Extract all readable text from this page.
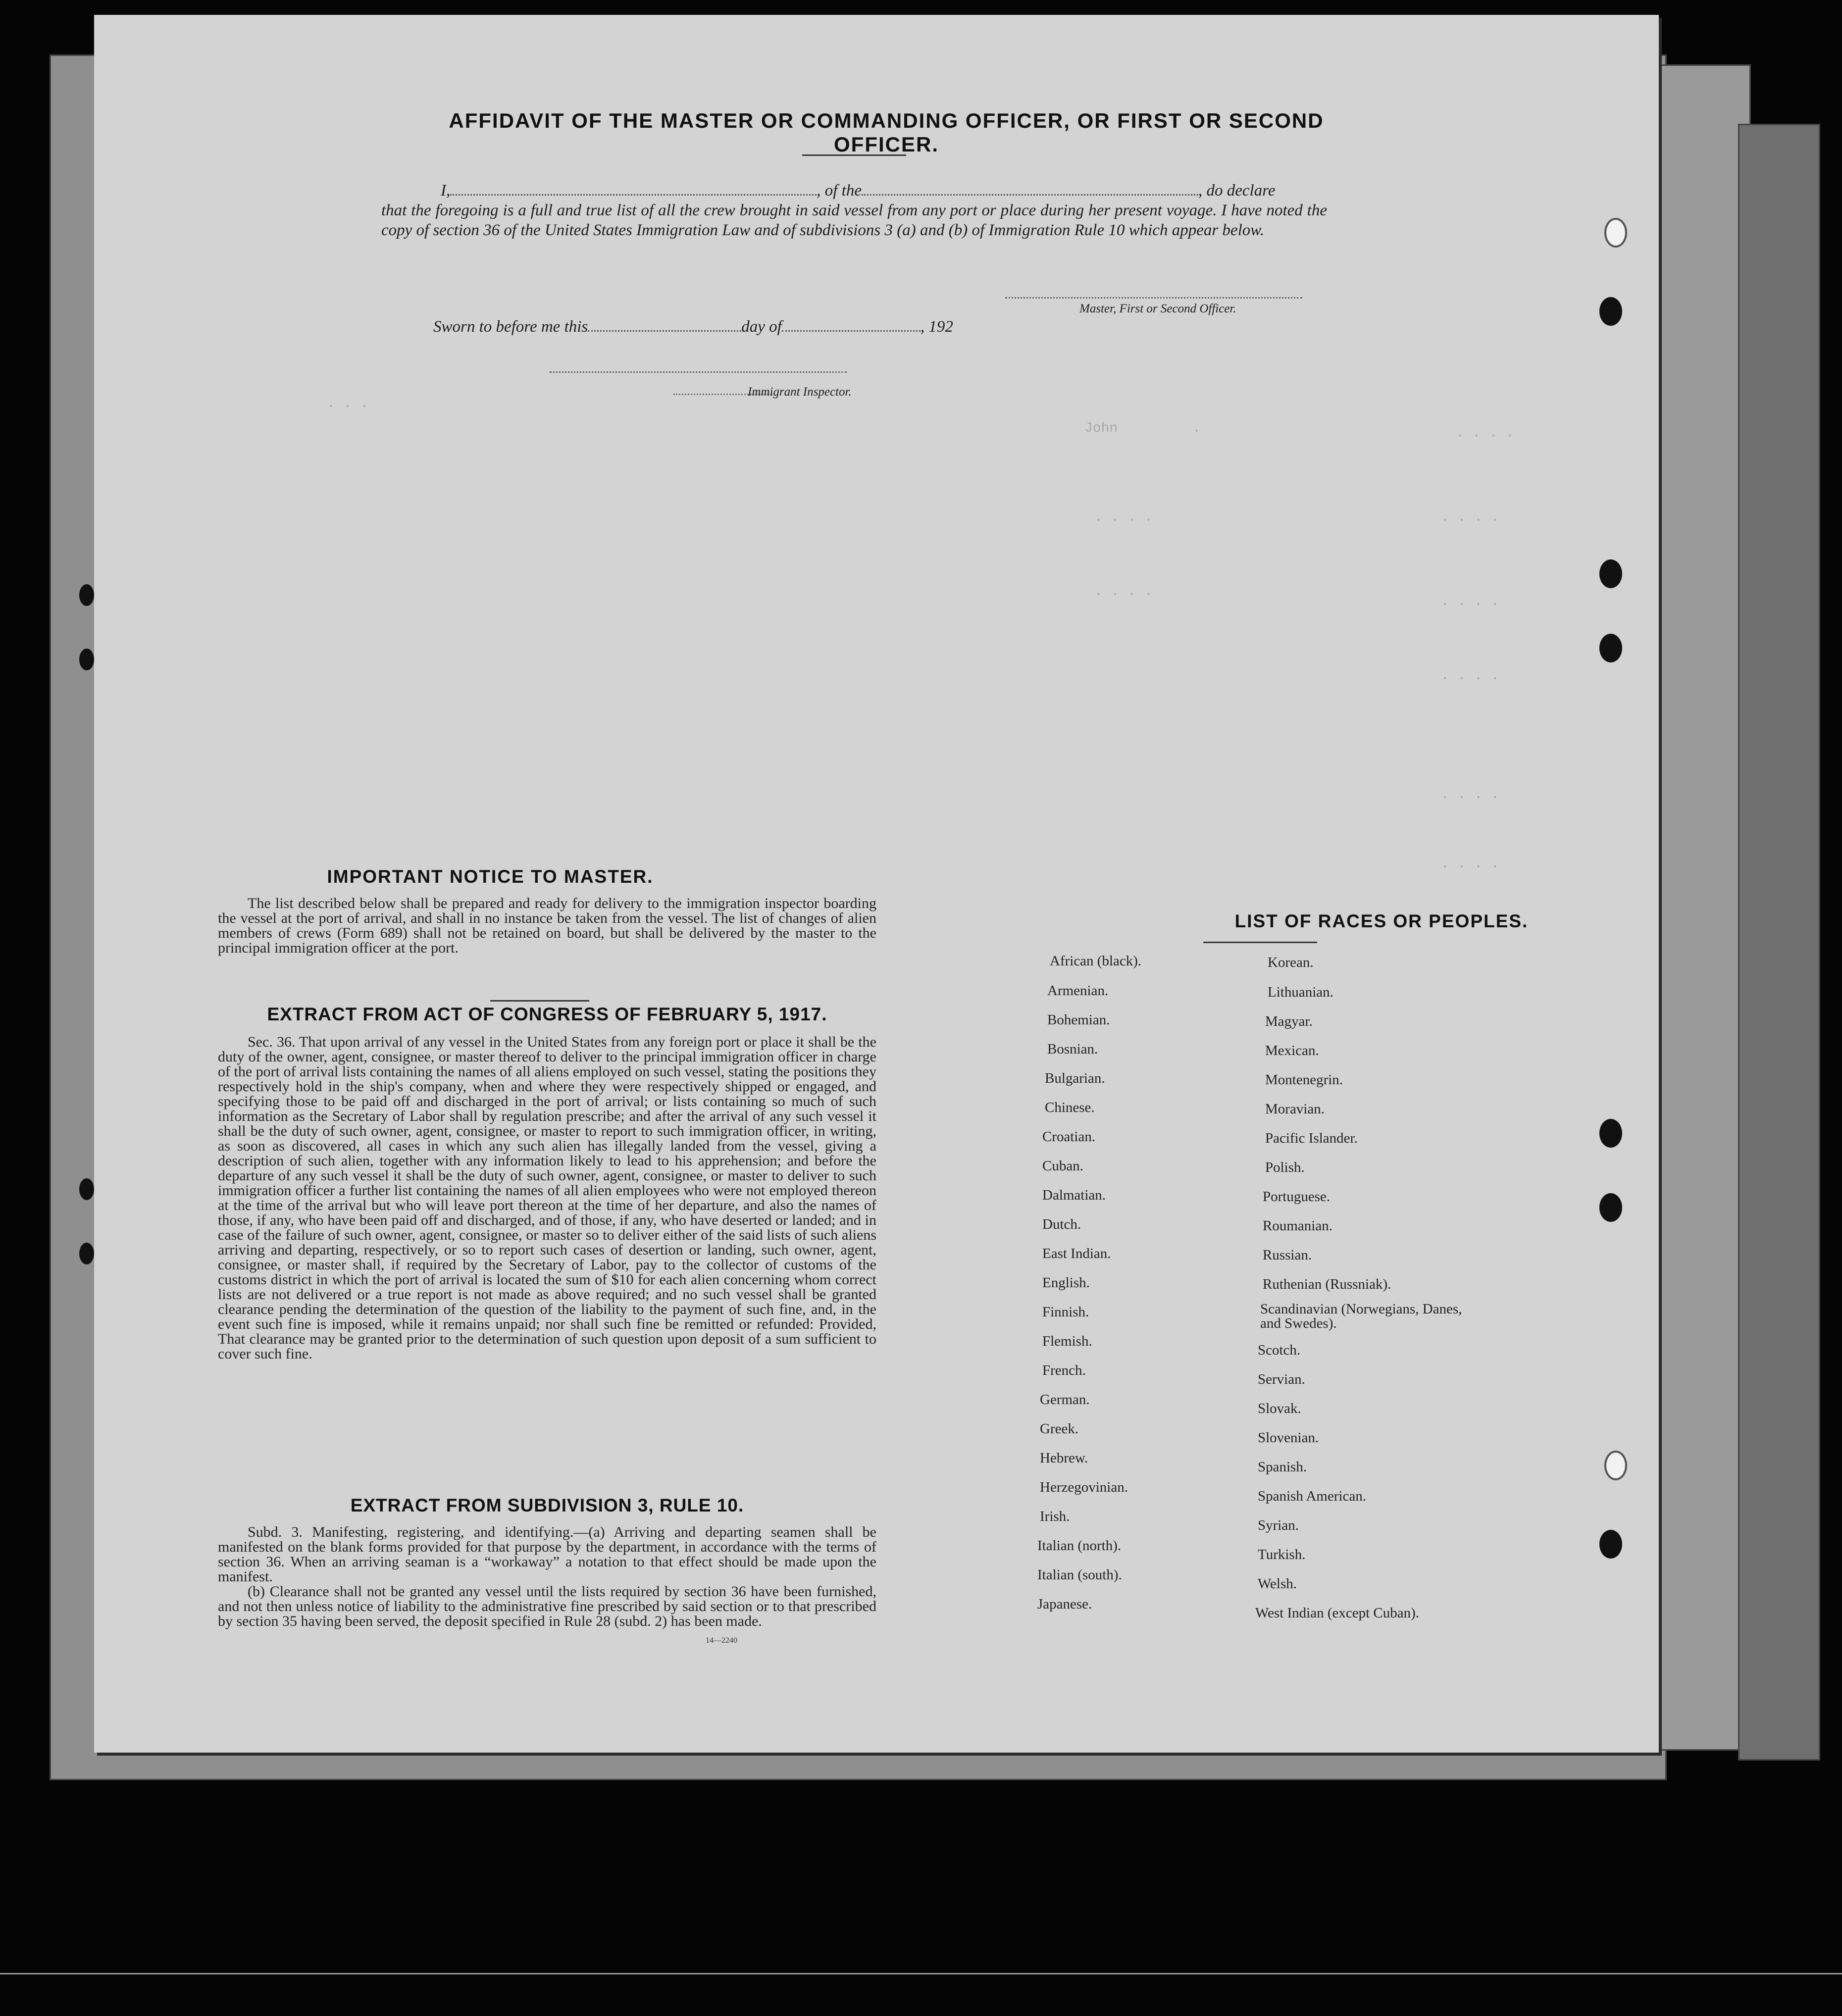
. . .
John         .	. . . .
. . . .	. . . .
. . . .
. . . .
. . . .
. . . .
. . . .
AFFIDAVIT OF THE MASTER OR COMMANDING OFFICER, OR FIRST OR SECOND OFFICER.
I,	, of the	, do declare
that the foregoing is a full and true list of all the crew brought in said vessel from any port or place during her present voyage. I have noted the copy of section 36 of the United States Immigration Law and of subdivisions 3 (a) and (b) of Immigration Rule 10 which appear below.
Master, First or Second Officer.
Sworn to before me this	day of	, 192
Immigrant Inspector.
IMPORTANT NOTICE TO MASTER.
The list described below shall be prepared and ready for delivery to the immigration inspector boarding the vessel at the port of arrival, and shall in no instance be taken from the vessel. The list of changes of alien members of crews (Form 689) shall not be retained on board, but shall be delivered by the master to the principal immigration officer at the port.
EXTRACT FROM ACT OF CONGRESS OF FEBRUARY 5, 1917.
Sec. 36. That upon arrival of any vessel in the United States from any foreign port or place it shall be the duty of the owner, agent, consignee, or master thereof to deliver to the principal immigration officer in charge of the port of arrival lists containing the names of all aliens employed on such vessel, stating the positions they respectively hold in the ship's company, when and where they were respectively shipped or engaged, and specifying those to be paid off and discharged in the port of arrival; or lists containing so much of such information as the Secretary of Labor shall by regulation prescribe; and after the arrival of any such vessel it shall be the duty of such owner, agent, consignee, or master to report to such immigration officer, in writing, as soon as discovered, all cases in which any such alien has illegally landed from the vessel, giving a description of such alien, together with any information likely to lead to his apprehension; and before the departure of any such vessel it shall be the duty of such owner, agent, consignee, or master to deliver to such immigration officer a further list containing the names of all alien employees who were not employed thereon at the time of the arrival but who will leave port thereon at the time of her departure, and also the names of those, if any, who have been paid off and discharged, and of those, if any, who have deserted or landed; and in case of the failure of such owner, agent, consignee, or master so to deliver either of the said lists of such aliens arriving and departing, respectively, or so to report such cases of desertion or landing, such owner, agent, consignee, or master shall, if required by the Secretary of Labor, pay to the collector of customs of the customs district in which the port of arrival is located the sum of $10 for each alien concerning whom correct lists are not delivered or a true report is not made as above required; and no such vessel shall be granted clearance pending the determination of the question of the liability to the payment of such fine, and, in the event such fine is imposed, while it remains unpaid; nor shall such fine be remitted or refunded: Provided, That clearance may be granted prior to the determination of such question upon deposit of a sum sufficient to cover such fine.
EXTRACT FROM SUBDIVISION 3, RULE 10.
Subd. 3. Manifesting, registering, and identifying.—(a) Arriving and departing seamen shall be manifested on the blank forms provided for that purpose by the department, in accordance with the terms of section 36. When an arriving seaman is a “workaway” a notation to that effect should be made upon the manifest.
(b) Clearance shall not be granted any vessel until the lists required by section 36 have been furnished, and not then unless notice of liability to the administrative fine prescribed by said section or to that prescribed by section 35 having been served, the deposit specified in Rule 28 (subd. 2) has been made.
14—2240
LIST OF RACES OR PEOPLES.
African (black).
Armenian.
Bohemian.
Bosnian.
Bulgarian.
Chinese.
Croatian.
Cuban.
Dalmatian.
Dutch.
East Indian.
English.
Finnish.
Flemish.
French.
German.
Greek.
Hebrew.
Herzegovinian.
Irish.
Italian (north).
Italian (south).
Japanese.
Korean.
Lithuanian.
Magyar.
Mexican.
Montenegrin.
Moravian.
Pacific Islander.
Polish.
Portuguese.
Roumanian.
Russian.
Ruthenian (Russniak).
Scandinavian (Norwegians, Danes, and Swedes).
Scotch.
Servian.
Slovak.
Slovenian.
Spanish.
Spanish American.
Syrian.
Turkish.
Welsh.
West Indian (except Cuban).
